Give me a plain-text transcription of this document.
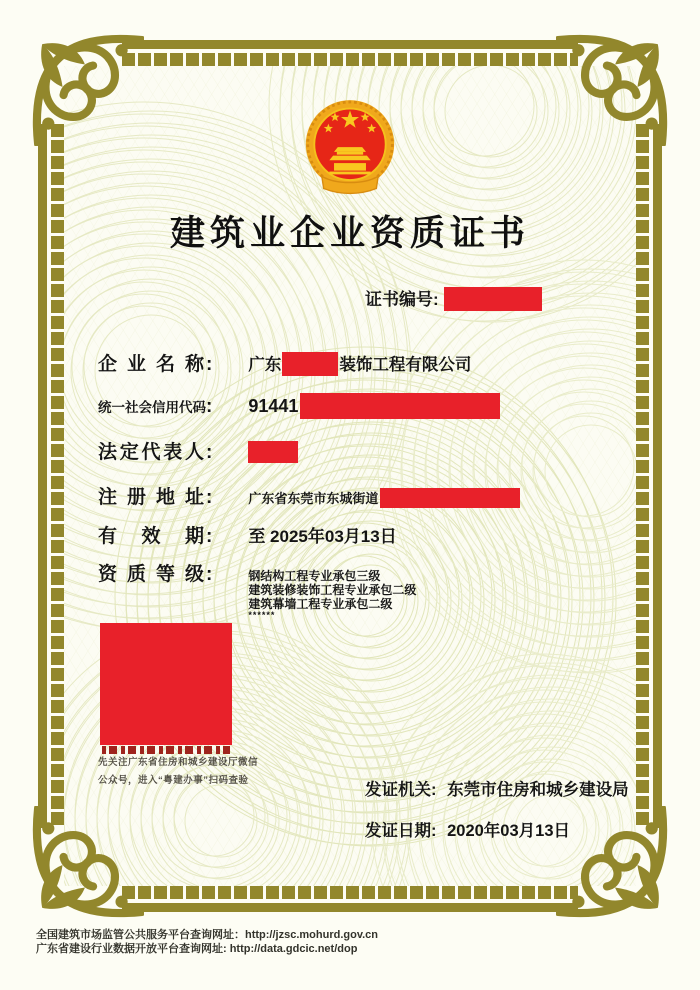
建筑业企业资质证书
证书编号:
企业名称 : 广东	装饰工程有限公司
统一社会信用代码 : 91441
法定代表人 :
注册地址 :	广东省东莞市东城街道
有效期 : 至 2025年03月13日
资质等级 :	钢结构工程专业承包三级
建筑装修装饰工程专业承包二级
建筑幕墙工程专业承包二级
******
先关注广东省住房和城乡建设厅微信
公众号，进入“粤建办事”扫码查验
发证机关: 东莞市住房和城乡建设局
发证日期: 2020年03月13日
全国建筑市场监管公共服务平台查询网址：http://jzsc.mohurd.gov.cn
广东省建设行业数据开放平台查询网址: http://data.gdcic.net/dop
